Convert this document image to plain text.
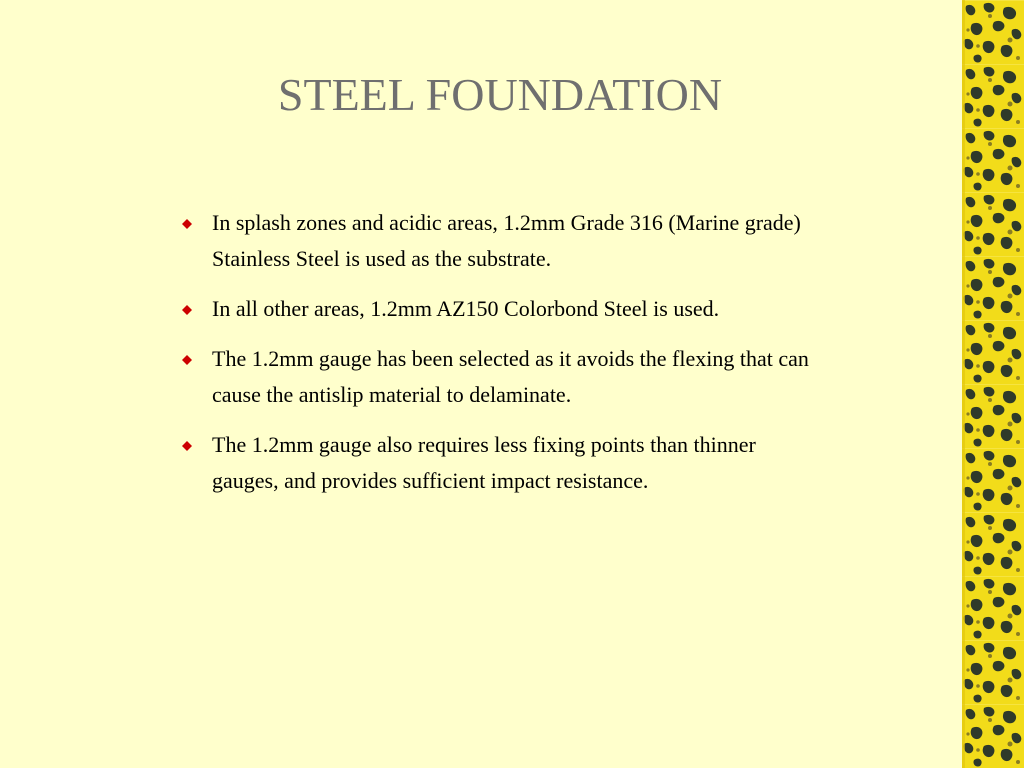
STEEL FOUNDATION
In splash zones and acidic areas, 1.2mm Grade 316 (Marine grade) Stainless Steel is used as the substrate.
In all other areas, 1.2mm AZ150 Colorbond Steel is used.
The 1.2mm gauge has been selected as it avoids the flexing that can cause the antislip material to delaminate.
The 1.2mm gauge also requires less fixing points than thinner gauges, and provides sufficient impact resistance.
